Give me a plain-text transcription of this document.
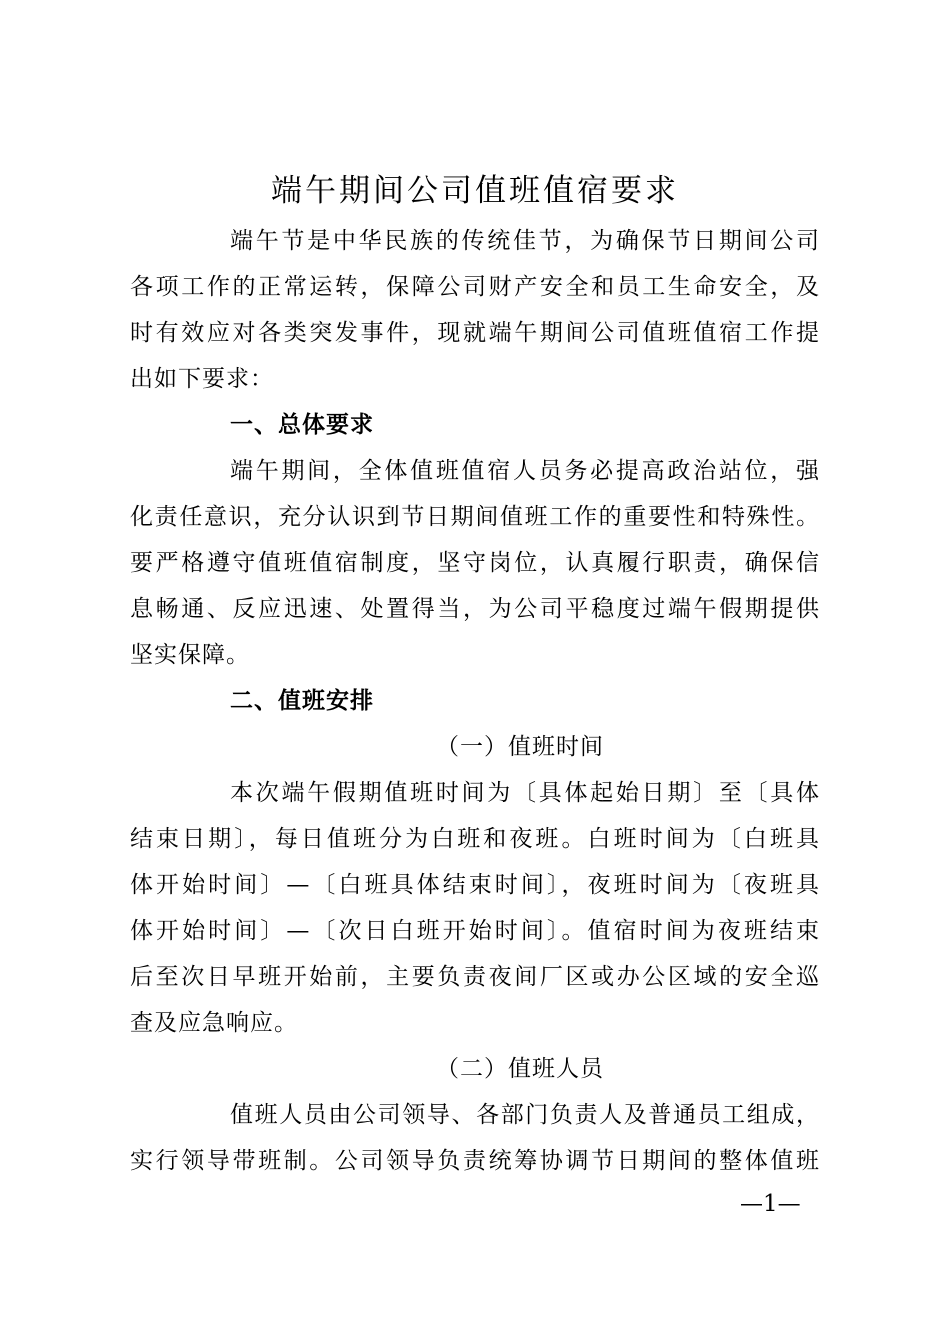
端午期间公司值班值宿要求
端午节是中华民族的传统佳节，为确保节日期间公司
各项工作的正常运转，保障公司财产安全和员工生命安全，及
时有效应对各类突发事件，现就端午期间公司值班值宿工作提
出如下要求：
一、总体要求
端午期间，全体值班值宿人员务必提高政治站位，强
化责任意识，充分认识到节日期间值班工作的重要性和特殊性。
要严格遵守值班值宿制度，坚守岗位，认真履行职责，确保信
息畅通、反应迅速、处置得当，为公司平稳度过端午假期提供
坚实保障。
二、值班安排
（一）值班时间
本次端午假期值班时间为〔具体起始日期〕至〔具体
结束日期〕，每日值班分为白班和夜班。白班时间为〔白班具
体开始时间〕—〔白班具体结束时间〕，夜班时间为〔夜班具
体开始时间〕—〔次日白班开始时间〕。值宿时间为夜班结束
后至次日早班开始前，主要负责夜间厂区或办公区域的安全巡
查及应急响应。
（二）值班人员
值班人员由公司领导、各部门负责人及普通员工组成，
实行领导带班制。公司领导负责统筹协调节日期间的整体值班
—1—
